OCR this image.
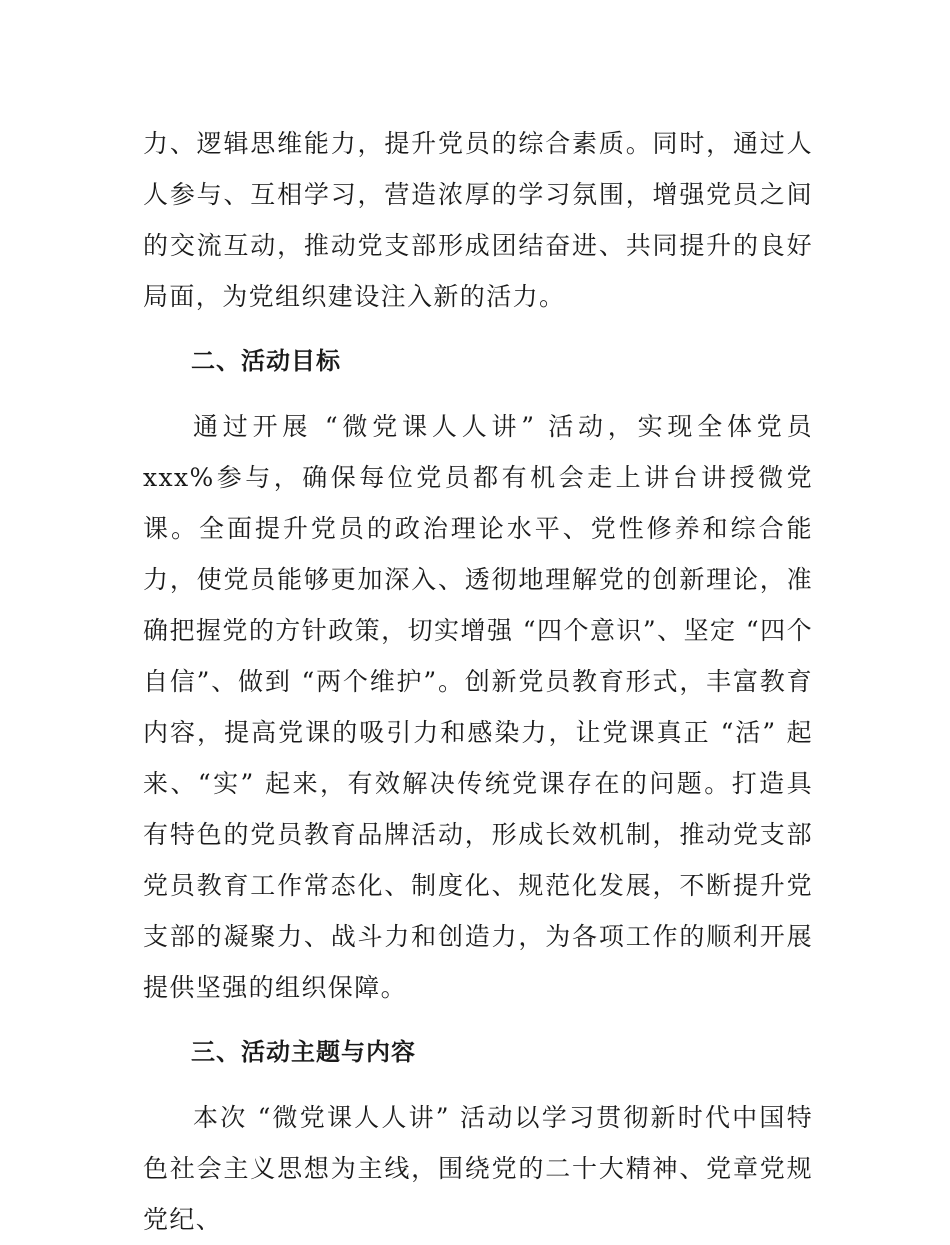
力、逻辑思维能力，提升党员的综合素质。同时，通过人人参与、互相学习，营造浓厚的学习氛围，增强党员之间的交流互动，推动党支部形成团结奋进、共同提升的良好局面，为党组织建设注入新的活力。

二、活动目标

通过开展 “微党课人人讲” 活动，实现全体党员 xxx%参与，确保每位党员都有机会走上讲台讲授微党课。全面提升党员的政治理论水平、党性修养和综合能力，使党员能够更加深入、透彻地理解党的创新理论，准确把握党的方针政策，切实增强 “四个意识”、坚定 “四个自信”、做到 “两个维护”。创新党员教育形式，丰富教育内容，提高党课的吸引力和感染力，让党课真正 “活” 起来、“实” 起来，有效解决传统党课存在的问题。打造具有特色的党员教育品牌活动，形成长效机制，推动党支部党员教育工作常态化、制度化、规范化发展，不断提升党支部的凝聚力、战斗力和创造力，为各项工作的顺利开展提供坚强的组织保障。

三、活动主题与内容

本次 “微党课人人讲” 活动以学习贯彻新时代中国特色社会主义思想为主线，围绕党的二十大精神、党章党规党纪、
